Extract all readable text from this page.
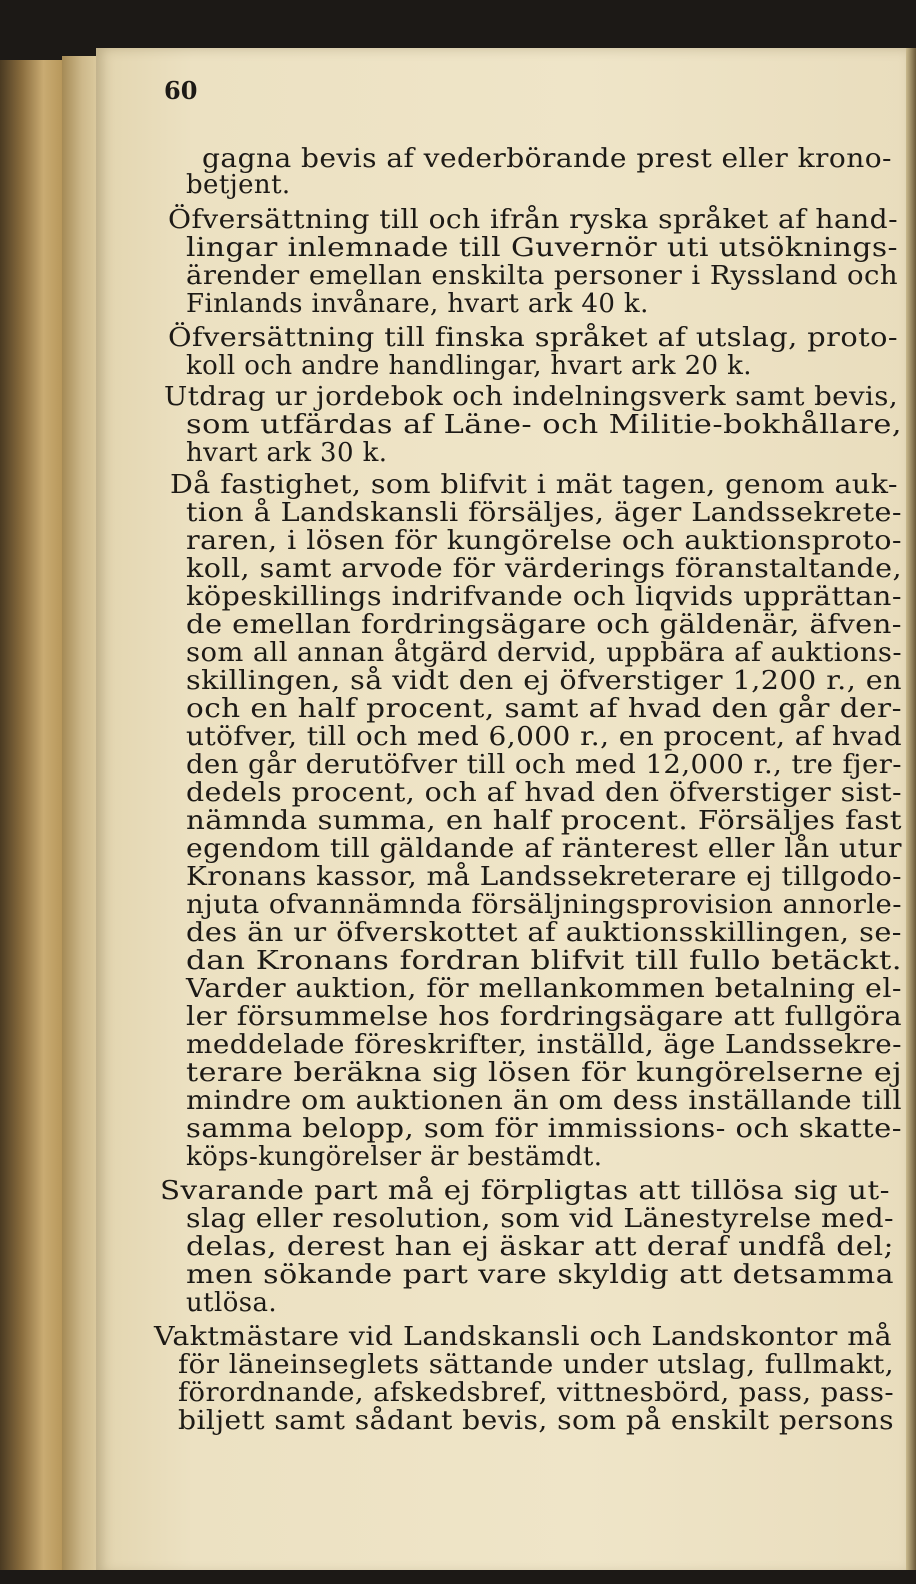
60
gagna bevis af vederbörande prest eller krono-
betjent.
Öfversättning till och ifrån ryska språket af hand-
lingar inlemnade till Guvernör uti utsöknings-
ärender emellan enskilta personer i Ryssland och
Finlands invånare, hvart ark 40 k.
Öfversättning till finska språket af utslag, proto-
koll och andre handlingar, hvart ark 20 k.
Utdrag ur jordebok och indelningsverk samt bevis,
som utfärdas af Läne- och Militie-bokhållare,
hvart ark 30 k.
Då fastighet, som blifvit i mät tagen, genom auk-
tion å Landskansli försäljes, äger Landssekrete-
raren, i lösen för kungörelse och auktionsproto-
koll, samt arvode för värderings föranstaltande,
köpeskillings indrifvande och liqvids upprättan-
de emellan fordringsägare och gäldenär, äfven-
som all annan åtgärd dervid, uppbära af auktions-
skillingen, så vidt den ej öfverstiger 1,200 r., en
och en half procent, samt af hvad den går der-
utöfver, till och med 6,000 r., en procent, af hvad
den går derutöfver till och med 12,000 r., tre fjer-
dedels procent, och af hvad den öfverstiger sist-
nämnda summa, en half procent. Försäljes fast
egendom till gäldande af ränterest eller lån utur
Kronans kassor, må Landssekreterare ej tillgodo-
njuta ofvannämnda försäljningsprovision annorle-
des än ur öfverskottet af auktionsskillingen, se-
dan Kronans fordran blifvit till fullo betäckt.
Varder auktion, för mellankommen betalning el-
ler försummelse hos fordringsägare att fullgöra
meddelade föreskrifter, inställd, äge Landssekre-
terare beräkna sig lösen för kungörelserne ej
mindre om auktionen än om dess inställande till
samma belopp, som för immissions- och skatte-
köps-kungörelser är bestämdt.
Svarande part må ej förpligtas att tillösa sig ut-
slag eller resolution, som vid Länestyrelse med-
delas, derest han ej äskar att deraf undfå del;
men sökande part vare skyldig att detsamma
utlösa.
Vaktmästare vid Landskansli och Landskontor må
för läneinseglets sättande under utslag, fullmakt,
förordnande, afskedsbref, vittnesbörd, pass, pass-
biljett samt sådant bevis, som på enskilt persons
